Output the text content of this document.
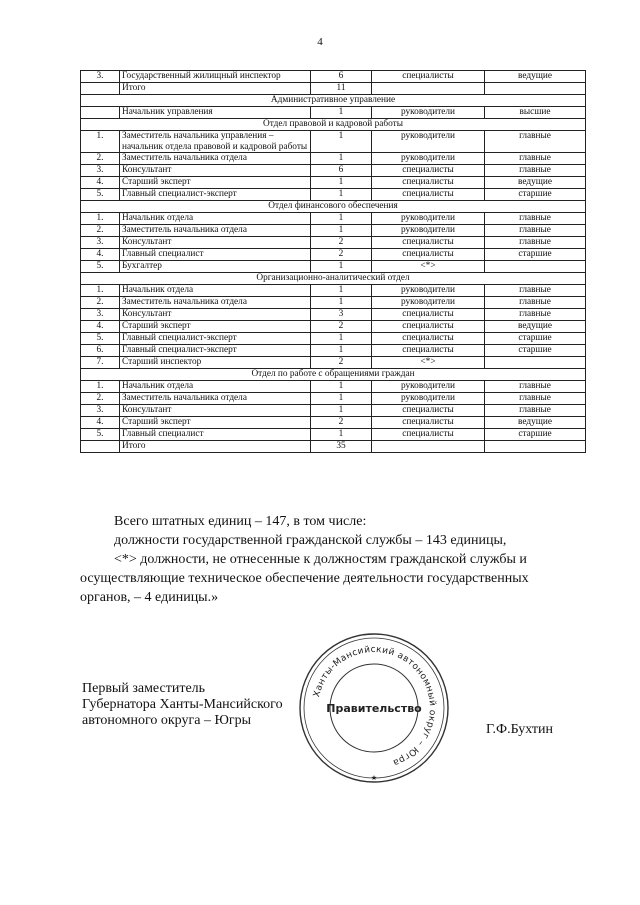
4
3.	Государственный жилищный инспектор	6	специалисты	ведущие
	Итого	11		
Административное управление				
	Начальник управления	1	руководители	высшие
Отдел правовой и кадровой работы				
1.	Заместитель начальника управления – начальник отдела правовой и кадровой работы	1	руководители	главные
2.	Заместитель начальника отдела	1	руководители	главные
3.	Консультант	6	специалисты	главные
4.	Старший эксперт	1	специалисты	ведущие
5.	Главный специалист-эксперт	1	специалисты	старшие
Отдел финансового обеспечения				
1.	Начальник отдела	1	руководители	главные
2.	Заместитель начальника отдела	1	руководители	главные
3.	Консультант	2	специалисты	главные
4.	Главный специалист	2	специалисты	старшие
5.	Бухгалтер	1	<*>	
Организационно-аналитический отдел				
1.	Начальник отдела	1	руководители	главные
2.	Заместитель начальника отдела	1	руководители	главные
3.	Консультант	3	специалисты	главные
4.	Старший эксперт	2	специалисты	ведущие
5.	Главный специалист-эксперт	1	специалисты	старшие
6.	Главный специалист-эксперт	1	специалисты	старшие
7.	Старший инспектор	2	<*>	
Отдел по работе с обращениями граждан				
1.	Начальник отдела	1	руководители	главные
2.	Заместитель начальника отдела	1	руководители	главные
3.	Консультант	1	специалисты	главные
4.	Старший эксперт	2	специалисты	ведущие
5.	Главный специалист	1	специалисты	старшие
	Итого	35		

Всего штатных единиц – 147, в том числе:

должности государственной гражданской службы – 143 единицы,

<*> должности, не отнесенные к должностям гражданской службы и осуществляющие техническое обеспечение деятельности государственных органов, – 4 единицы.»

Ханты-Мансийский автономный округ – Югра
Правительство
★
Первый заместитель
Губернатора Ханты-Мансийского
автономного округа – Югры
Г.Ф.Бухтин
